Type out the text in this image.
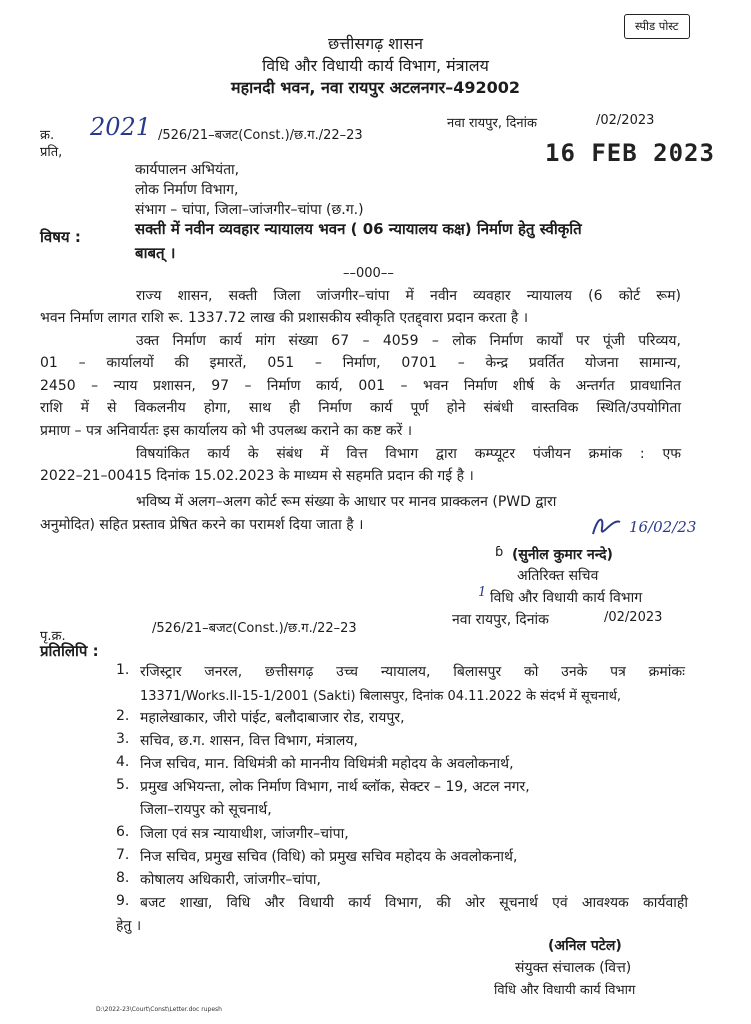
स्पीड पोस्ट
छत्तीसगढ़ शासन
विधि और विधायी कार्य विभाग, मंत्रालय
महानदी भवन, नवा रायपुर अटलनगर–492002
क्र. 2021 /526/21–बजट(Const.)/छ.ग./22–23
नवा रायपुर, दिनांक	/02/2023
16 FEB 2023
प्रति,
कार्यपालन अभियंता,
लोक निर्माण विभाग,
संभाग – चांपा, जिला–जांजगीर–चांपा (छ.ग.)
विषय :	सक्ती में नवीन व्यवहार न्यायालय भवन ( 06 न्यायालय कक्ष) निर्माण हेतु स्वीकृति
बाबत् ।
––000––
राज्य शासन, सक्ती जिला जांजगीर–चांपा में नवीन व्यवहार न्यायालय (6 कोर्ट रूम)
भवन निर्माण लागत राशि रू. 1337.72 लाख की प्रशासकीय स्वीकृति एतद्द्वारा प्रदान करता है ।
उक्त निर्माण कार्य मांग संख्या 67 – 4059 – लोक निर्माण कार्यों पर पूंजी परिव्यय,
01 – कार्यालयों की इमारतें, 051 – निर्माण, 0701 – केन्द्र प्रवर्तित योजना सामान्य,
2450 – न्याय प्रशासन, 97 – निर्माण कार्य, 001 – भवन निर्माण शीर्ष के अन्तर्गत प्रावधानित
राशि में से विकलनीय होगा, साथ ही निर्माण कार्य पूर्ण होने संबंधी वास्तविक स्थिति/उपयोगिता
प्रमाण – पत्र अनिवार्यतः इस कार्यालय को भी उपलब्ध कराने का कष्ट करें ।
विषयांकित कार्य के संबंध में वित्त विभाग द्वारा कम्प्यूटर पंजीयन क्रमांक : एफ
2022–21–00415 दिनांक 15.02.2023 के माध्यम से सहमति प्रदान की गई है ।
भविष्य में अलग–अलग कोर्ट रूम संख्या के आधार पर मानव प्राक्कलन (PWD द्वारा
अनुमोदित) सहित प्रस्ताव प्रेषित करने का परामर्श दिया जाता है ।	16/02/23
ɓ (सुनील कुमार नन्दे)
अतिरिक्त सचिव
1 विधि और विधायी कार्य विभाग
पृ.क्र.
/526/21–बजट(Const.)/छ.ग./22–23
नवा रायपुर, दिनांक	/02/2023
प्रतिलिपि :
1. रजिस्ट्रार जनरल, छत्तीसगढ़ उच्च न्यायालय, बिलासपुर को उनके पत्र क्रमांकः
13371/Works.II-15-1/2001 (Sakti) बिलासपुर, दिनांक 04.11.2022 के संदर्भ में सूचनार्थ,
2. महालेखाकार, जीरो पांईट, बलौदाबाजार रोड, रायपुर,
3. सचिव, छ.ग. शासन, वित्त विभाग, मंत्रालय,
4. निज सचिव, मान. विधिमंत्री को माननीय विधिमंत्री महोदय के अवलोकनार्थ,
5. प्रमुख अभियन्ता, लोक निर्माण विभाग, नार्थ ब्लॉक, सेक्टर – 19, अटल नगर,
जिला–रायपुर को सूचनार्थ,
6. जिला एवं सत्र न्यायाधीश, जांजगीर–चांपा,
7. निज सचिव, प्रमुख सचिव (विधि) को प्रमुख सचिव महोदय के अवलोकनार्थ,
8. कोषालय अधिकारी, जांजगीर–चांपा,
9. बजट शाखा, विधि और विधायी कार्य विभाग, की ओर सूचनार्थ एवं आवश्यक कार्यवाही
हेतु ।
(अनिल पटेल)
संयुक्त संचालक (वित्त)
विधि और विधायी कार्य विभाग
D:\2022-23\Court\Const\Letter.doc rupesh
